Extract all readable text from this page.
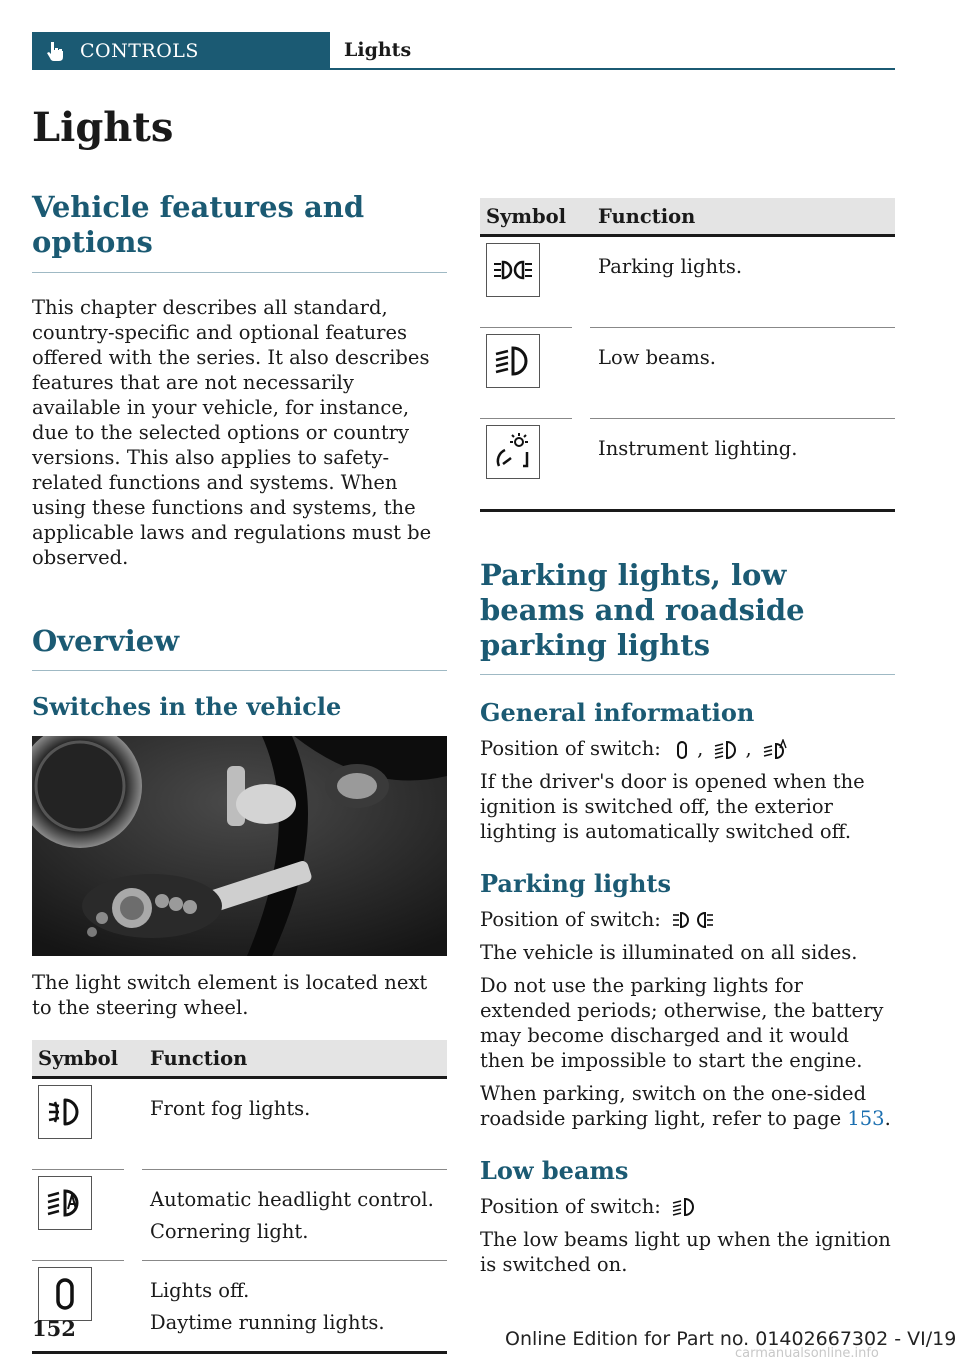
CONTROLS	Lights
Lights
Vehicle features and options

This chapter describes all standard, country-specific and optional features offered with the series. It also describes features that are not necessarily available in your vehicle, for instance, due to the selected options or country versions. This also applies to safety-related functions and systems. When using these functions and systems, the applicable laws and regulations must be observed.

Overview
Switches in the vehicle

The light switch element is located next to the steering wheel.

Symbol	Function

Front fog lights.

Automatic headlight control.
Cornering light.

Lights off.
Daytime running lights.
Symbol	Function

Parking lights.

Low beams.

Instrument lighting.
Parking lights, low beams and roadside parking lights
General information

Position of switch: , ,

If the driver's door is opened when the ignition is switched off, the exterior lighting is automatically switched off.

Parking lights

Position of switch:

The vehicle is illuminated on all sides.

Do not use the parking lights for extended periods; otherwise, the battery may become discharged and it would then be impossible to start the engine.

When parking, switch on the one-sided roadside parking light, refer to page 153.

Low beams

Position of switch:

The low beams light up when the ignition is switched on.

152	Online Edition for Part no. 01402667302 - VI/19
carmanualsonline.info
